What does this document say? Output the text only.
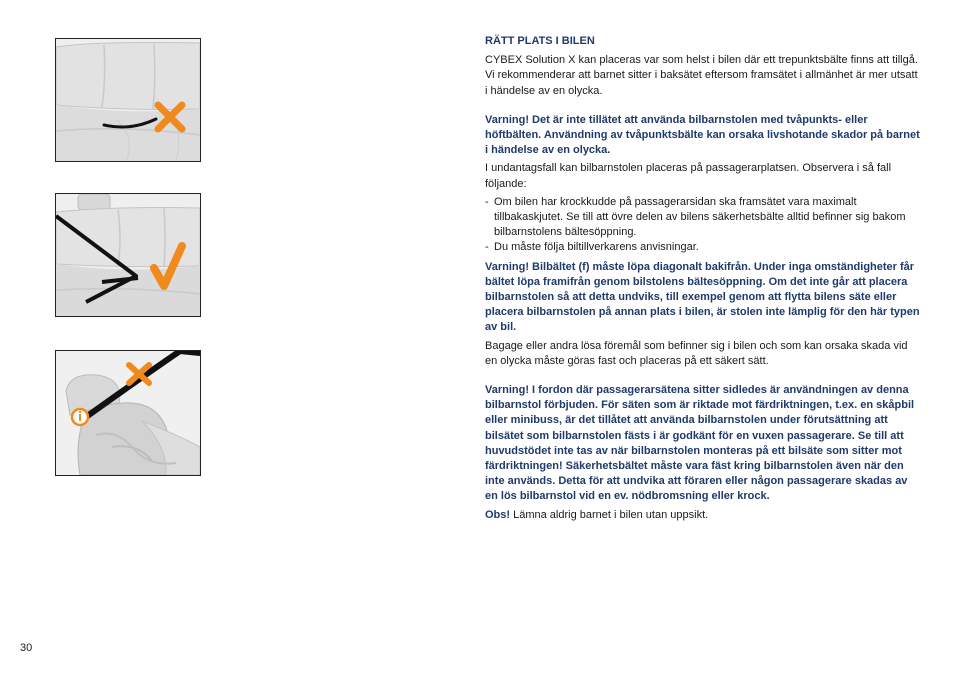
RÄTT PLATS I BILEN

CYBEX Solution X kan placeras var som helst i bilen där ett trepunktsbälte finns att tillgå. Vi rekommenderar att barnet sitter i baksätet eftersom framsätet i allmänhet är mer utsatt i händelse av en olycka.

Varning! Det är inte tillätet att använda bilbarnstolen med tvåpunkts- eller höftbälten. Användning av tvåpunktsbälte kan orsaka livshotande skador på barnet i händelse av en olycka.

I undantagsfall kan bilbarnstolen placeras på passagerarplatsen. Observera i så fall följande:

- Om bilen har krockkudde på passagerarsidan ska framsätet vara maximalt tillbakaskjutet. Se till att övre delen av bilens säkerhetsbälte alltid befinner sig bakom bilbarnstolens bältesöppning.
- Du måste följa biltillverkarens anvisningar.

Varning! Bilbältet (f) måste löpa diagonalt bakifrån. Under inga omständigheter får bältet löpa framifrån genom bilstolens bältesöppning. Om det inte går att placera bilbarnstolen så att detta undviks, till exempel genom att flytta bilens säte eller placera bilbarnstolen på annan plats i bilen, är stolen inte lämplig för den här typen av bil.

Bagage eller andra lösa föremål som befinner sig i bilen och som kan orsaka skada vid en olycka måste göras fast och placeras på ett säkert sätt.

Varning! I fordon där passagerarsätena sitter sidledes är användningen av denna bilbarnstol förbjuden. För säten som är riktade mot färdriktningen, t.ex. en skåpbil eller minibuss, är det tillåtet att använda bilbarnstolen under förutsättning att bilsätet som bilbarnstolen fästs i är godkänt för en vuxen passagerare. Se till att huvudstödet inte tas av när bilbarnstolen monteras på ett bilsäte som sitter mot färdriktningen! Säkerhetsbältet måste vara fäst kring bilbarnstolen även när den inte används. Detta för att undvika att föraren eller någon passagerare skadas av en lös bilbarnstol vid en ev. nödbromsning eller krock.

Obs! Lämna aldrig barnet i bilen utan uppsikt.

30
